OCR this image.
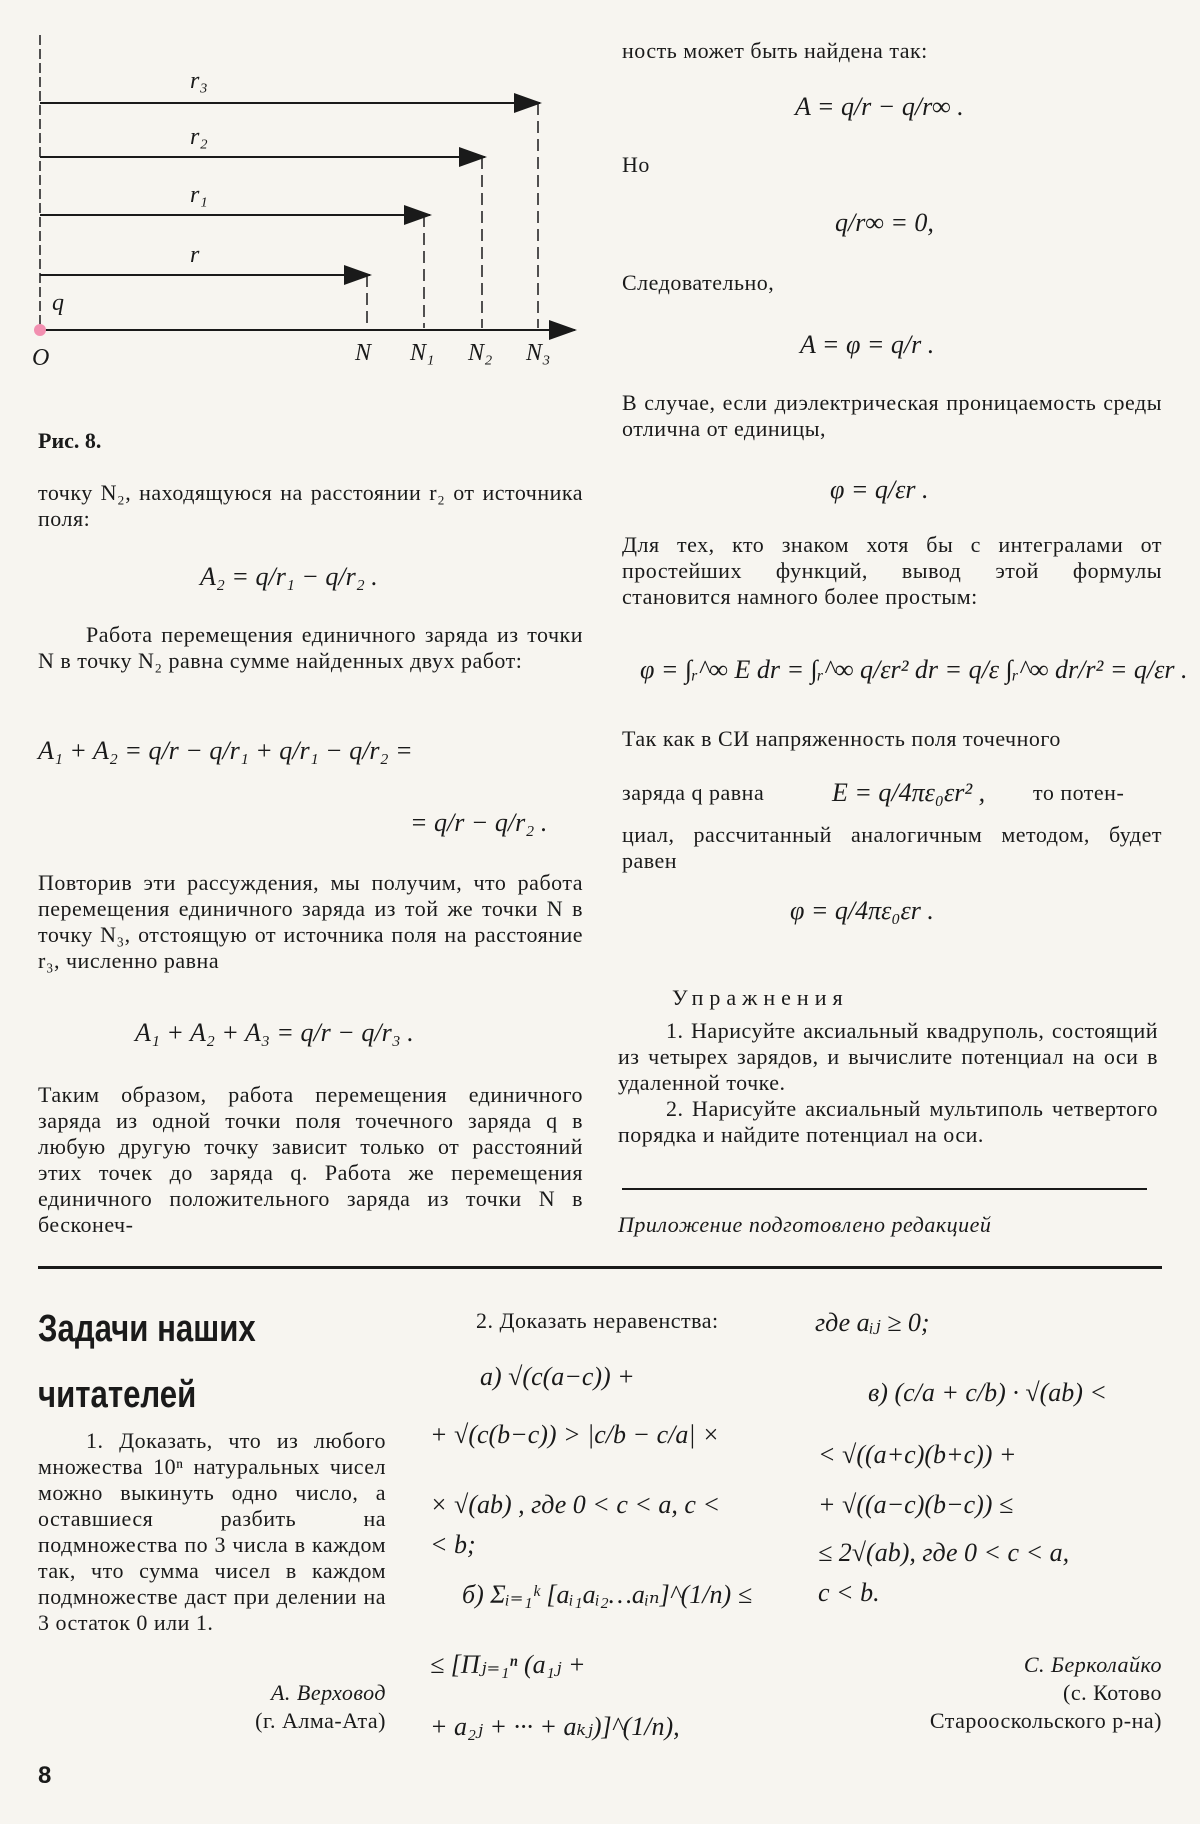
r₃
r₂
r₁
r
q
O	N N₁ N₂ N₃
Рис. 8.
точку N₂, находящуюся на расстоянии r₂ от источника поля:
A₂ = q/r₁ − q/r₂ .
Работа перемещения единичного заряда из точки N в точку N₂ равна сумме найденных двух работ:
A₁ + A₂ = q/r − q/r₁ + q/r₁ − q/r₂ =
= q/r − q/r₂ .
Повторив эти рассуждения, мы получим, что работа перемещения единичного заряда из той же точки N в точку N₃, отстоящую от источника поля на расстояние r₃, численно равна
A₁ + A₂ + A₃ = q/r − q/r₃ .
Таким образом, работа перемещения единичного заряда из одной точки поля точечного заряда q в любую другую точку зависит только от расстояний этих точек до заряда q. Работа же перемещения единичного положительного заряда из точки N в бесконеч-
ность может быть найдена так:
A = q/r − q/r∞ .
Но
q/r∞ = 0,
Следовательно,
A = φ = q/r .
В случае, если диэлектрическая проницаемость среды отлична от единицы,
φ = q/εr .
Для тех, кто знаком хотя бы с интегралами от простейших функций, вывод этой формулы становится намного более простым:
φ = ∫ᵣ^∞ E dr = ∫ᵣ^∞ q/εr² dr = q/ε ∫ᵣ^∞ dr/r² = q/εr .
Так как в СИ напряженность поля точечного
заряда q равна	E = q/4πε₀εr² , то потен-
циал, рассчитанный аналогичным методом, будет равен
φ = q/4πε₀εr .
Упражнения
1. Нарисуйте аксиальный квадруполь, состоящий из четырех зарядов, и вычислите потенциал на оси в удаленной точке.
2. Нарисуйте аксиальный мультиполь четвертого порядка и найдите потенциал на оси.
Приложение подготовлено редакцией
Задачи наших
читателей
1. Доказать, что из любого множества 10ⁿ натуральных чисел можно выкинуть одно число, а оставшиеся разбить на подмножества по 3 числа в каждом так, что сумма чисел в каждом подмножестве даст при делении на 3 остаток 0 или 1.
А. Верховод
(г. Алма-Ата)
2. Доказать неравенства:
а) √(c(a−c)) +
+ √(c(b−c)) > |c/b − c/a| ×
× √(ab) , где 0 < c < a, c <
< b;
б) Σᵢ₌₁ᵏ [aᵢ₁aᵢ₂…aᵢₙ]^(1/n) ≤
≤ [Πⱼ₌₁ⁿ (a₁ⱼ +
+ a₂ⱼ + ··· + aₖⱼ)]^(1/n),
где aᵢⱼ ≥ 0;
в) (c/a + c/b) · √(ab) <
< √((a+c)(b+c)) +
+ √((a−c)(b−c)) ≤
≤ 2√(ab), где 0 < c < a,
c < b.
С. Берколайко
(с. Котово
Старооскольского р-на)
8
